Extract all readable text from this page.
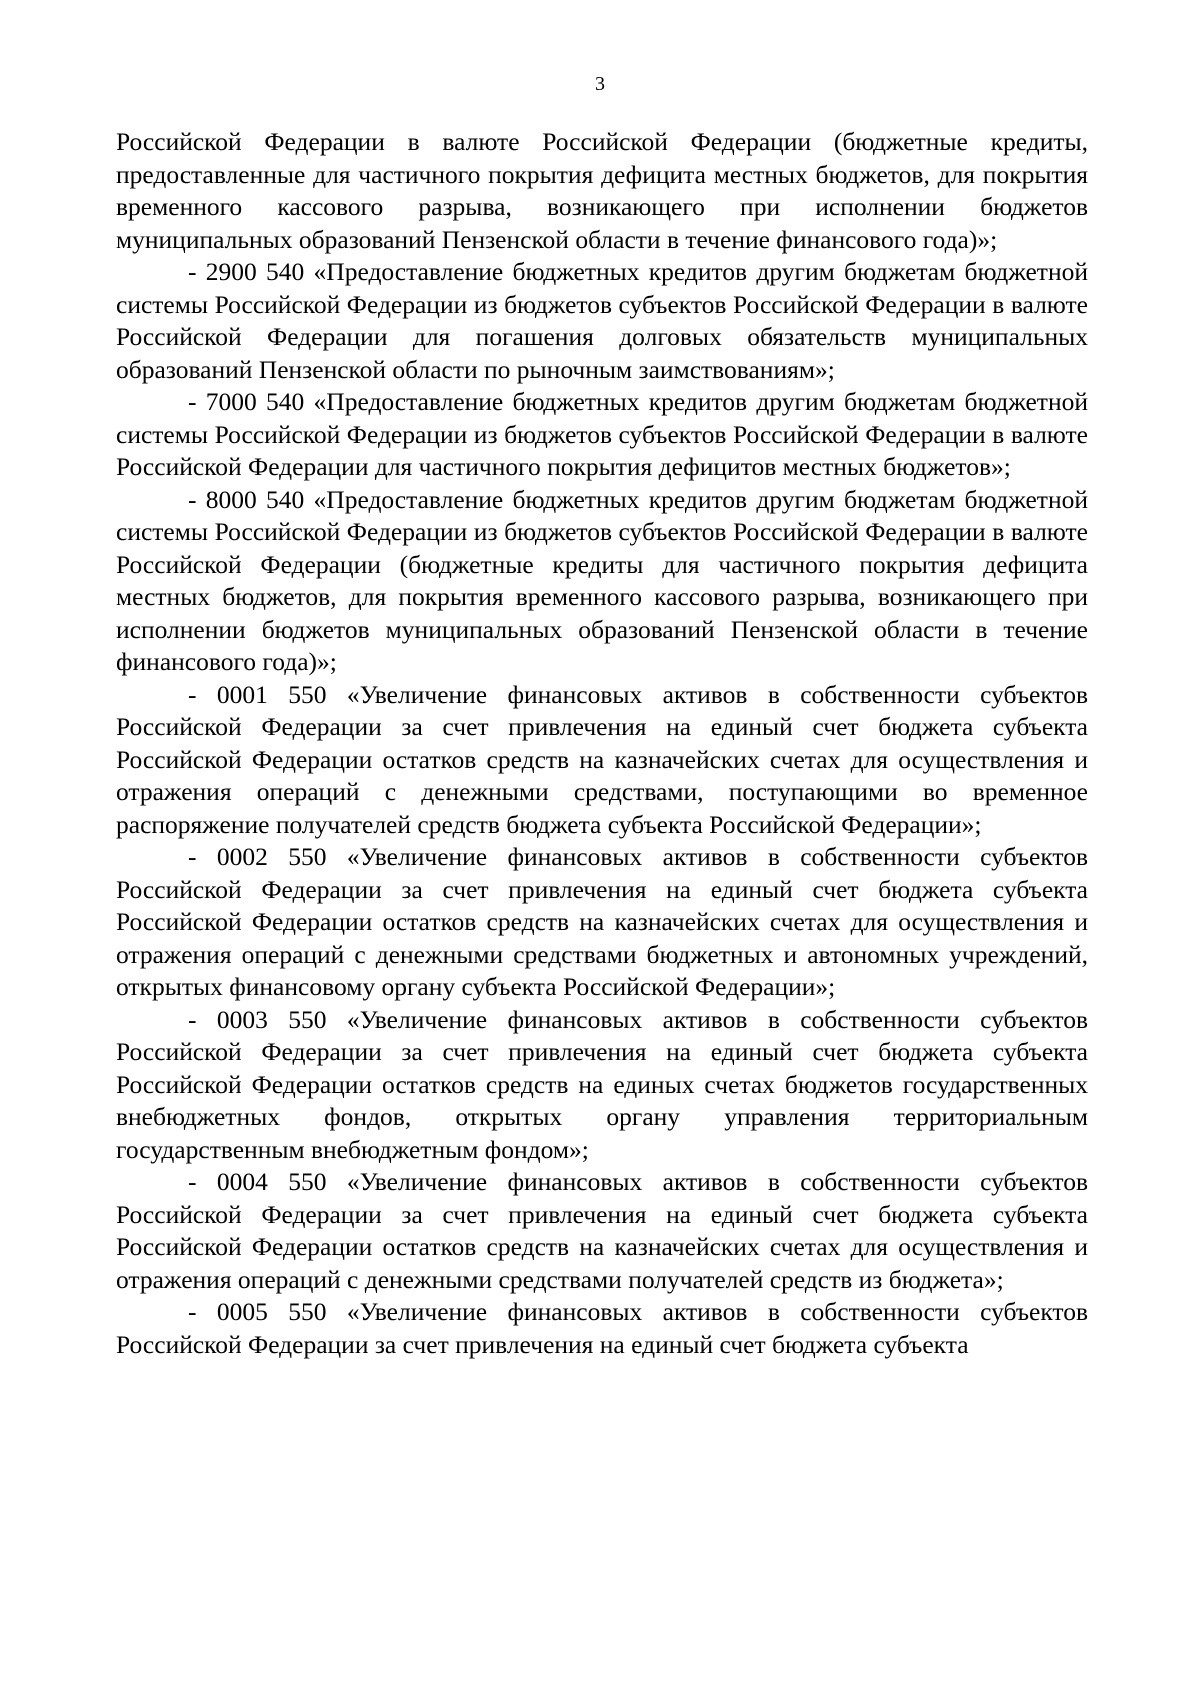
3

Российской Федерации в валюте Российской Федерации (бюджетные кредиты, предоставленные для частичного покрытия дефицита местных бюджетов, для покрытия временного кассового разрыва, возникающего при исполнении бюджетов муниципальных образований Пензенской области в течение финансового года)»;

- 2900 540 «Предоставление бюджетных кредитов другим бюджетам бюджетной системы Российской Федерации из бюджетов субъектов Российской Федерации в валюте Российской Федерации для погашения долговых обязательств муниципальных образований Пензенской области по рыночным заимствованиям»;

- 7000 540 «Предоставление бюджетных кредитов другим бюджетам бюджетной системы Российской Федерации из бюджетов субъектов Российской Федерации в валюте Российской Федерации для частичного покрытия дефицитов местных бюджетов»;

- 8000 540 «Предоставление бюджетных кредитов другим бюджетам бюджетной системы Российской Федерации из бюджетов субъектов Российской Федерации в валюте Российской Федерации (бюджетные кредиты для частичного покрытия дефицита местных бюджетов, для покрытия временного кассового разрыва, возникающего при исполнении бюджетов муниципальных образований Пензенской области в течение финансового года)»;

- 0001 550 «Увеличение финансовых активов в собственности субъектов Российской Федерации за счет привлечения на единый счет бюджета субъекта Российской Федерации остатков средств на казначейских счетах для осуществления и отражения операций с денежными средствами, поступающими во временное распоряжение получателей средств бюджета субъекта Российской Федерации»;

- 0002 550 «Увеличение финансовых активов в собственности субъектов Российской Федерации за счет привлечения на единый счет бюджета субъекта Российской Федерации остатков средств на казначейских счетах для осуществления и отражения операций с денежными средствами бюджетных и автономных учреждений, открытых финансовому органу субъекта Российской Федерации»;

- 0003 550 «Увеличение финансовых активов в собственности субъектов Российской Федерации за счет привлечения на единый счет бюджета субъекта Российской Федерации остатков средств на единых счетах бюджетов государственных внебюджетных фондов, открытых органу управления территориальным государственным внебюджетным фондом»;

- 0004 550 «Увеличение финансовых активов в собственности субъектов Российской Федерации за счет привлечения на единый счет бюджета субъекта Российской Федерации остатков средств на казначейских счетах для осуществления и отражения операций с денежными средствами получателей средств из бюджета»;

- 0005 550 «Увеличение финансовых активов в собственности субъектов Российской Федерации за счет привлечения на единый счет бюджета субъекта
